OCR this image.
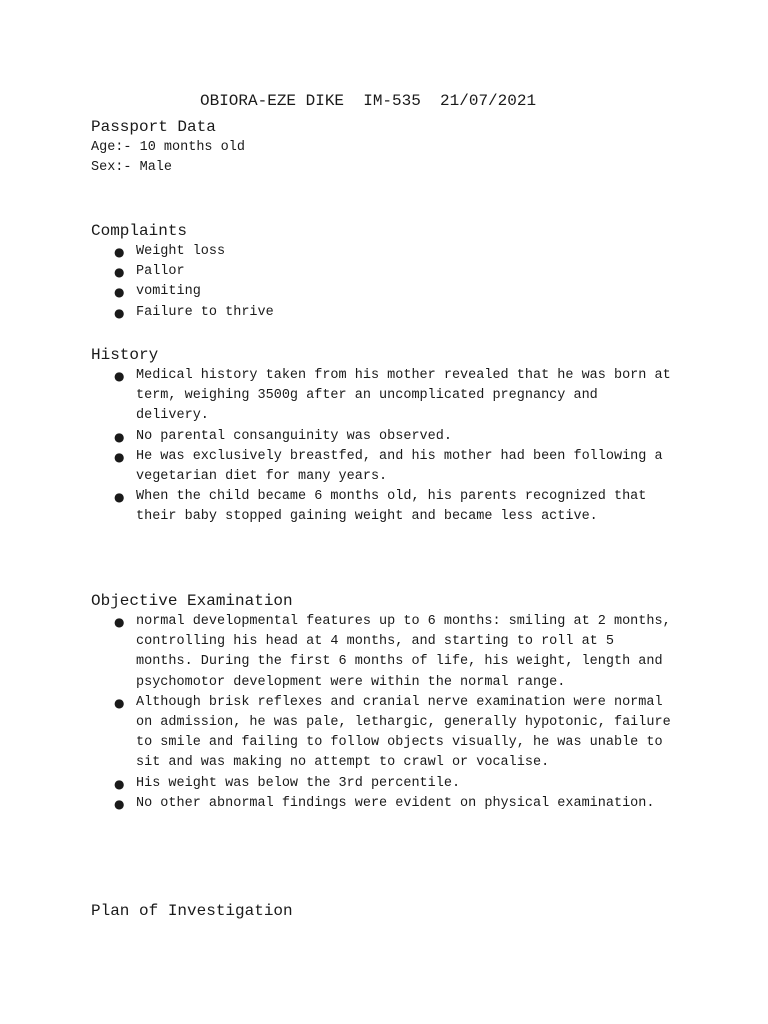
OBIORA-EZE DIKE  IM-535  21/07/2021
Passport Data

Age:- 10 months old

Sex:- Male

Complaints
● Weight loss
● Pallor
● vomiting
● Failure to thrive
History
● Medical history taken from his mother revealed that he was born at term, weighing 3500g after an uncomplicated pregnancy and delivery.
● No parental consanguinity was observed.
● He was exclusively breastfed, and his mother had been following a vegetarian diet for many years.
● When the child became 6 months old, his parents recognized that their baby stopped gaining weight and became less active.
Objective Examination
● normal developmental features up to 6 months: smiling at 2 months, controlling his head at 4 months, and starting to roll at 5 months. During the first 6 months of life, his weight, length and psychomotor development were within the normal range.
● Although brisk reflexes and cranial nerve examination were normal on admission, he was pale, lethargic, generally hypotonic, failure to smile and failing to follow objects visually, he was unable to sit and was making no attempt to crawl or vocalise.
● His weight was below the 3rd percentile.
● No other abnormal findings were evident on physical examination.
Plan of Investigation
